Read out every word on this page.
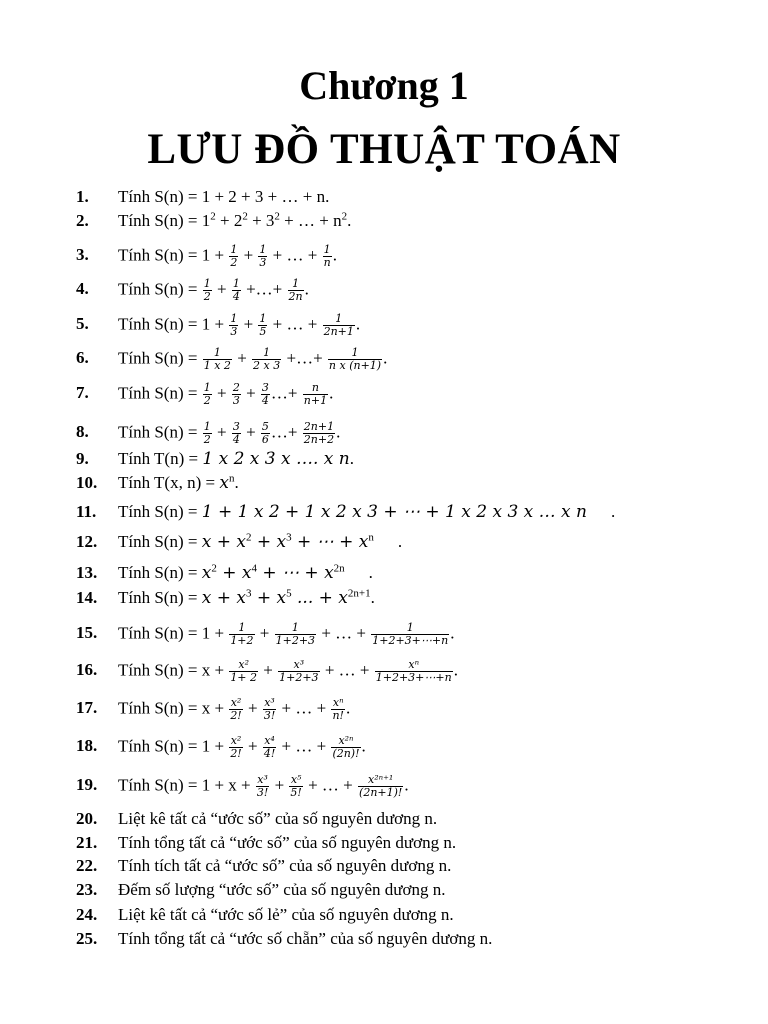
Chương 1
LƯU ĐỒ THUẬT TOÁN
1.	Tính S(n) = 1 + 2 + 3 + … + n.
2.	Tính $S(n) = 1^2 + 2^2 + 3^2$ + … + $n^2$.
3.	Tính $S(n) = 1 + \frac{1}{2} + \frac{1}{3}$ + … + $\frac{1}{n}$ .
4.	Tính $S(n) = \frac{1}{2} + \frac{1}{4}$ +…+ $\frac{1}{2n}$ .
5.	Tính $S(n) = 1 + \frac{1}{3} + \frac{1}{5}$ + … + $\frac{1}{2n+1}$ .
6.	Tính $S(n) = \frac{1}{1 x 2} + \frac{1}{2 x 3}$ +…+ $\frac{1}{\text{n x (n+1)}}$ .
7.	Tính $S(n) = \frac{1}{2} + \frac{2}{3} + \frac{3}{4}$ …+ $\frac{n}{n+1}$ .
8.	Tính $S(n) = \frac{1}{2} + \frac{3}{4} + \frac{5}{6}$ …+ $\frac{2n+1}{2n+2}$ .
9.	Tính T(n) = 1 x 2 x 3 x …. x n.
10.	Tính T(x, $n) = x^n$.
11.	Tính S(n) = 1 + 1 x 2 + 1 x 2 x 3 + ⋯ + 1 x 2 x 3 x … x n .
12.	Tính $S(n) = x + x^2 + x^3$ + ⋯ + $x^n$ .
13.	Tính $S(n) = x^2 + x^4$ + ⋯ + $x^{2n}$ .
14.	Tính $S(n) = x + x^3 + x^5$ ... + $x^{2n+1}$.
15.	Tính $S(n) = 1 + \frac{1}{1+2} + \frac{1}{1+2+3}$ + … + $\frac{1}{1+2+3+\cdots+n}$ .
16.	Tính $S(n) = x + \frac{\text{x²}}{1+ 2} + \frac{\text{x³}}{1+2+3}$ + … + $\frac{\text{xⁿ}}{1+2+3+\cdots+n}$ .
17.	Tính $S(n) = x + \frac{\text{x²}}{2!} + \frac{\text{x³}}{3!}$ + … + $\frac{\text{xⁿ}}{n!}$ .
18.	Tính $S(n) = 1 + \frac{\text{x²}}{2!} + \frac{\text{x⁴}}{4!}$ + … + $\frac{\text{x²ⁿ}}{(2n)!}$ .
19.	Tính $S(n) = 1 + x + \frac{\text{x³}}{3!} + \frac{\text{x⁵}}{5!}$ + … + $\frac{\text{x²ⁿ⁺¹}}{(2n+1)!}$ .
20.	Liệt kê tất cả “ước số” của số nguyên dương n.
21.	Tính tổng tất cả “ước số” của số nguyên dương n.
22.	Tính tích tất cả “ước số” của số nguyên dương n.
23.	Đếm số lượng “ước số” của số nguyên dương n.
24.	Liệt kê tất cả “ước số lẻ” của số nguyên dương n.
25.	Tính tổng tất cả “ước số chẵn” của số nguyên dương n.
